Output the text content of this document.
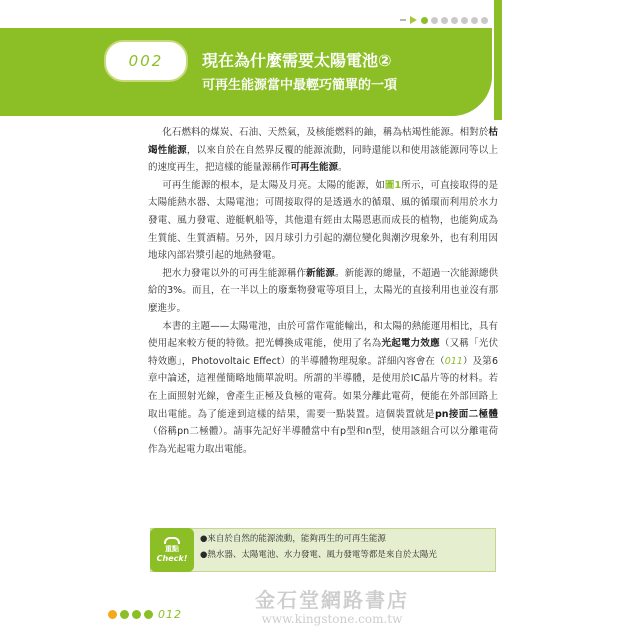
002	現在為什麼需要太陽電池②
可再生能源當中最輕巧簡單的一項

化石燃料的煤炭、石油、天然氣，及核能燃料的鈾，稱為枯竭性能源。相對於枯竭性能源，以來自於在自然界反覆的能源流動，同時還能以和使用該能源同等以上的速度再生，把這樣的能量源稱作可再生能源。

可再生能源的根本，是太陽及月亮。太陽的能源，如圖1所示，可直接取得的是太陽能熱水器、太陽電池；可間接取得的是透過水的循環、風的循環而利用於水力發電、風力發電、遊艇帆船等，其他還有經由太陽恩惠而成長的植物，也能夠成為生質能、生質酒精。另外，因月球引力引起的潮位變化與潮汐現象外，也有利用因地球內部岩漿引起的地熱發電。

把水力發電以外的可再生能源稱作新能源。新能源的總量，不超過一次能源總供給的3%。而且，在一半以上的廢棄物發電等項目上，太陽光的直接利用也並沒有那麼進步。

本書的主題——太陽電池，由於可當作電能輸出，和太陽的熱能運用相比，具有使用起來較方便的特徵。把光轉換成電能，使用了名為光起電力效應（又稱「光伏特效應」，Photovoltaic Effect）的半導體物理現象。詳細內容會在（011）及第6章中論述，這裡僅簡略地簡單說明。所謂的半導體，是使用於IC晶片等的材料。若在上面照射光線，會產生正極及負極的電荷。如果分離此電荷，便能在外部回路上取出電能。為了能達到這樣的結果，需要一點裝置。這個裝置就是pn接面二極體（俗稱pn二極體）。請事先記好半導體當中有p型和n型，使用該組合可以分離電荷作為光起電力取出電能。

重點
Check!
●來自於自然的能源流動，能夠再生的可再生能源
●熱水器、太陽電池、水力發電、風力發電等都是來自於太陽光
金石堂網路書店
www.kingstone.com.tw
012
